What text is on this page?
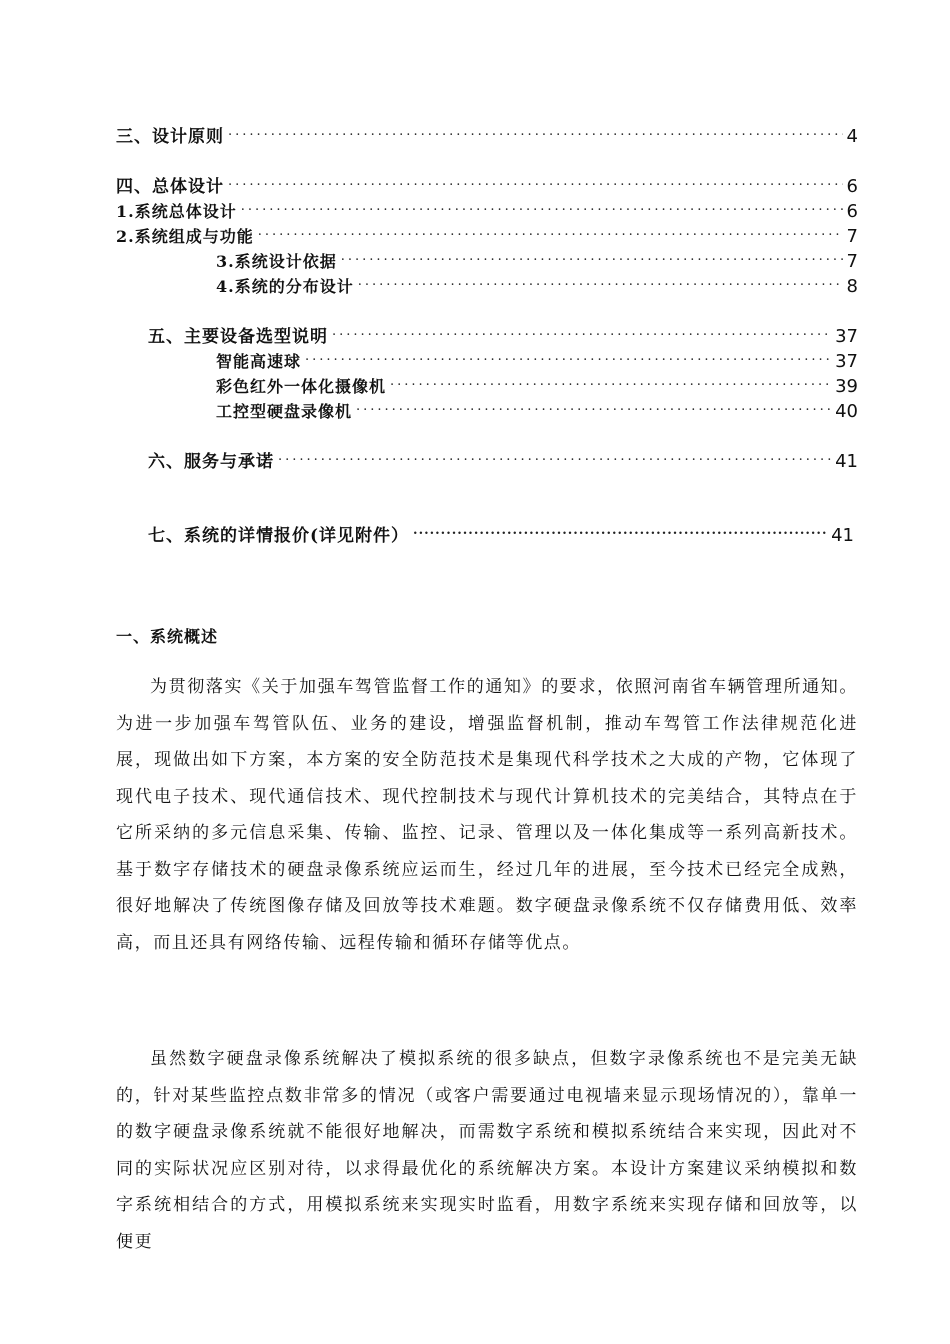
三、设计原则 .....	4
四、总体设计 .....	6
1.系统总体设计 .....	6
2.系统组成与功能 .....	7
3.系统设计依据 .....	7
4.系统的分布设计 .....	8
五、主要设备选型说明 .....	37
智能高速球 .....	37
彩色红外一体化摄像机 .....	39
工控型硬盘录像机 .....	40
六、服务与承诺 .....	41
七、系统的详情报价(详见附件） .....	41
一、系统概述

为贯彻落实《关于加强车驾管监督工作的通知》的要求，依照河南省车辆管理所通知。为进一步加强车驾管队伍、业务的建设，增强监督机制，推动车驾管工作法律规范化进展，现做出如下方案，本方案的安全防范技术是集现代科学技术之大成的产物，它体现了现代电子技术、现代通信技术、现代控制技术与现代计算机技术的完美结合，其特点在于它所采纳的多元信息采集、传输、监控、记录、管理以及一体化集成等一系列高新技术。基于数字存储技术的硬盘录像系统应运而生，经过几年的进展，至今技术已经完全成熟，很好地解决了传统图像存储及回放等技术难题。数字硬盘录像系统不仅存储费用低、效率高，而且还具有网络传输、远程传输和循环存储等优点。

虽然数字硬盘录像系统解决了模拟系统的很多缺点，但数字录像系统也不是完美无缺的，针对某些监控点数非常多的情况（或客户需要通过电视墙来显示现场情况的），靠单一的数字硬盘录像系统就不能很好地解决，而需数字系统和模拟系统结合来实现，因此对不同的实际状况应区别对待，以求得最优化的系统解决方案。本设计方案建议采纳模拟和数字系统相结合的方式，用模拟系统来实现实时监看，用数字系统来实现存储和回放等，以便更
